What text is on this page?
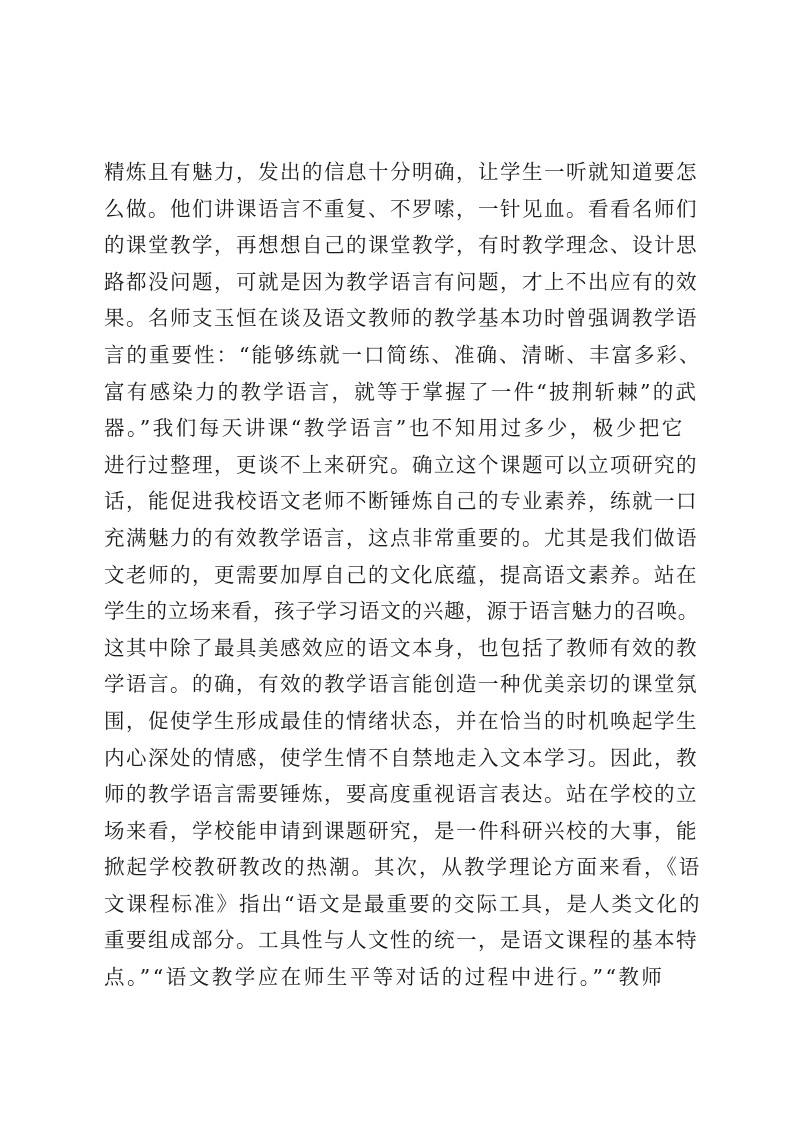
精炼且有魅力，发出的信息十分明确，让学生一听就知道要怎
么做。他们讲课语言不重复、不罗嗦，一针见血。看看名师们
的课堂教学，再想想自己的课堂教学，有时教学理念、设计思
路都没问题，可就是因为教学语言有问题，才上不出应有的效
果。名师支玉恒在谈及语文教师的教学基本功时曾强调教学语
言的重要性：“能够练就一口简练、准确、清晰、丰富多彩、
富有感染力的教学语言，就等于掌握了一件“披荆斩棘”的武
器。”我们每天讲课“教学语言”也不知用过多少，极少把它
进行过整理，更谈不上来研究。确立这个课题可以立项研究的
话，能促进我校语文老师不断锤炼自己的专业素养，练就一口
充满魅力的有效教学语言，这点非常重要的。尤其是我们做语
文老师的，更需要加厚自己的文化底蕴，提高语文素养。站在
学生的立场来看，孩子学习语文的兴趣，源于语言魅力的召唤。
这其中除了最具美感效应的语文本身，也包括了教师有效的教
学语言。的确，有效的教学语言能创造一种优美亲切的课堂氛
围，促使学生形成最佳的情绪状态，并在恰当的时机唤起学生
内心深处的情感，使学生情不自禁地走入文本学习。因此，教
师的教学语言需要锤炼，要高度重视语言表达。站在学校的立
场来看，学校能申请到课题研究，是一件科研兴校的大事，能
掀起学校教研教改的热潮。其次，从教学理论方面来看，《语
文课程标准》指出“语文是最重要的交际工具，是人类文化的
重要组成部分。工具性与人文性的统一，是语文课程的基本特
点。”“语文教学应在师生平等对话的过程中进行。”“教师
